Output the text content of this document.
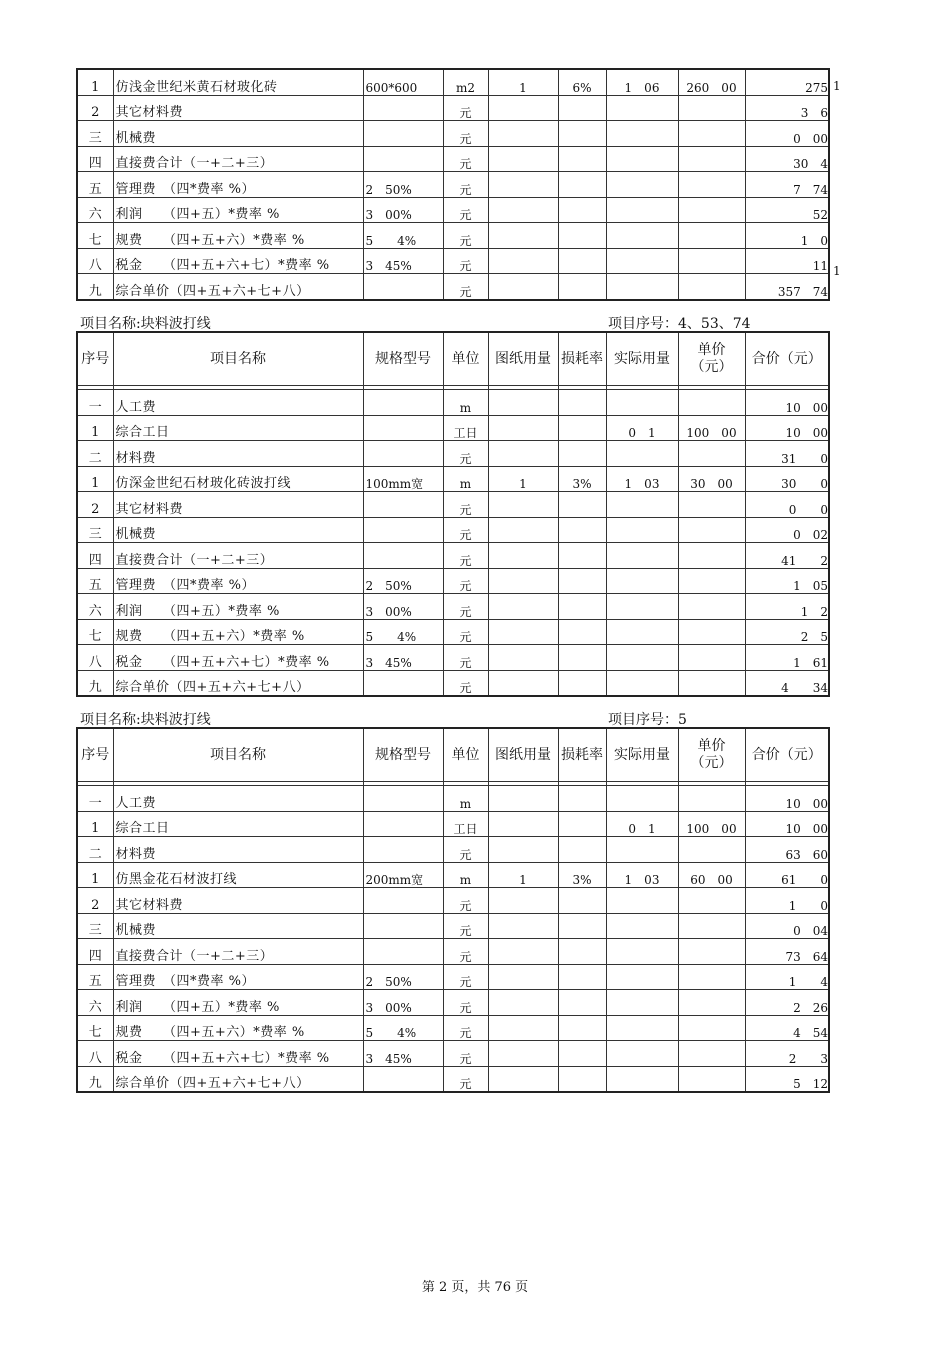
1	仿浅金世纪米黄石材玻化砖	600*600	m2	1	6%	1　06	260　00	275
2	其它材料费		元					3　6
三	机械费		元					0　00
四	直接费合计（一+二+三）		元					30　4
五	管理费　（四*费率 %）	2　50%	元					7　74
六	利润　　（四+五）*费率 %	3　00%	元					52
七	规费　　（四+五+六）*费率 %	5　　4%	元					1　0
八	税金　　（四+五+六+七）*费率 %	3　45%	元					11
九	综合单价（四+五+六+七+八）		元					357　74
1
1
项目名称:块料波打线	项目序号：4、53、74
序号	项目名称	规格型号	单位	图纸用量	损耗率	实际用量	单价（元）	合价（元）

一	人工费		m					10　00
1	综合工日		工日			0　1	100　00	10　00
二	材料费		元					31　　0
1	仿深金世纪石材玻化砖波打线	100mm宽	m	1	3%	1　03	30　00	30　　0
2	其它材料费		元					0　　0
三	机械费		元					0　02
四	直接费合计（一+二+三）		元					41　　2
五	管理费　（四*费率 %）	2　50%	元					1　05
六	利润　　（四+五）*费率 %	3　00%	元					1　2
七	规费　　（四+五+六）*费率 %	5　　4%	元					2　5
八	税金　　（四+五+六+七）*费率 %	3　45%	元					1　61
九	综合单价（四+五+六+七+八）		元					4　　34
项目名称:块料波打线	项目序号：5
序号	项目名称	规格型号	单位	图纸用量	损耗率	实际用量	单价（元）	合价（元）

一	人工费		m					10　00
1	综合工日		工日			0　1	100　00	10　00
二	材料费		元					63　60
1	仿黑金花石材波打线	200mm宽	m	1	3%	1　03	60　00	61　　0
2	其它材料费		元					1　　0
三	机械费		元					0　04
四	直接费合计（一+二+三）		元					73　64
五	管理费　（四*费率 %）	2　50%	元					1　　4
六	利润　　（四+五）*费率 %	3　00%	元					2　26
七	规费　　（四+五+六）*费率 %	5　　4%	元					4　54
八	税金　　（四+五+六+七）*费率 %	3　45%	元					2　　3
九	综合单价（四+五+六+七+八）		元					5　12
第 2 页，共 76 页
